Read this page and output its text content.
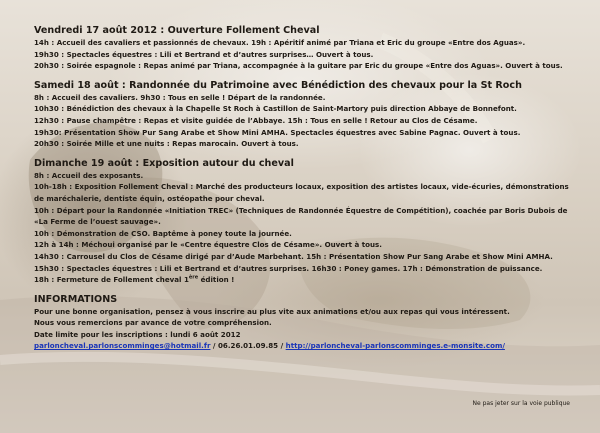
Vendredi 17 août 2012 : Ouverture Follement Cheval

14h : Accueil des cavaliers et passionnés de chevaux. 19h : Apéritif animé par Triana et Eric du groupe «Entre dos Aguas».

19h30 : Spectacles équestres : Lili et Bertrand et d’autres surprises… Ouvert à tous.

20h30 : Soirée espagnole : Repas animé par Triana, accompagnée à la guitare par Eric du groupe «Entre dos Aguas». Ouvert à tous.

Samedi 18 août : Randonnée du Patrimoine avec Bénédiction des chevaux pour la St Roch

8h : Accueil des cavaliers. 9h30 : Tous en selle ! Départ de la randonnée.

10h30 : Bénédiction des chevaux à la Chapelle St Roch à Castillon de Saint-Martory puis direction Abbaye de Bonnefont.

12h30 : Pause champêtre : Repas et visite guidée de l’Abbaye. 15h : Tous en selle ! Retour au Clos de Césame.

19h30: Présentation Show Pur Sang Arabe et Show Mini AMHA. Spectacles équestres avec Sabine Pagnac. Ouvert à tous.

20h30 : Soirée Mille et une nuits : Repas marocain. Ouvert à tous.

Dimanche 19 août : Exposition autour du cheval

8h : Accueil des exposants.

10h-18h : Exposition Follement Cheval : Marché des producteurs locaux, exposition des artistes locaux, vide-écuries, démonstrations de maréchalerie, dentiste équin, ostéopathe pour cheval.

10h : Départ pour la Randonnée «Initiation TREC» (Techniques de Randonnée Équestre de Compétition), coachée par Boris Dubois de «La Ferme de l’ouest sauvage».

10h : Démonstration de CSO. Baptême à poney toute la journée.

12h à 14h : Méchoui organisé par le «Centre équestre Clos de Césame». Ouvert à tous.

14h30 : Carrousel du Clos de Césame dirigé par d’Aude Marbehant. 15h : Présentation Show Pur Sang Arabe et Show Mini AMHA.

15h30 : Spectacles équestres : Lili et Bertrand et d’autres surprises. 16h30 : Poney games. 17h : Démonstration de puissance.

18h : Fermeture de Follement cheval 1ère édition !

INFORMATIONS

Pour une bonne organisation, pensez à vous inscrire au plus vite aux animations et/ou aux repas qui vous intéressent.

Nous vous remercions par avance de votre compréhension.

Date limite pour les inscriptions : lundi 6 août 2012

parloncheval.parlonscomminges@hotmail.fr / 06.26.01.09.85 / http://parloncheval-parlonscomminges.e-monsite.com/

Ne pas jeter sur la voie publique
